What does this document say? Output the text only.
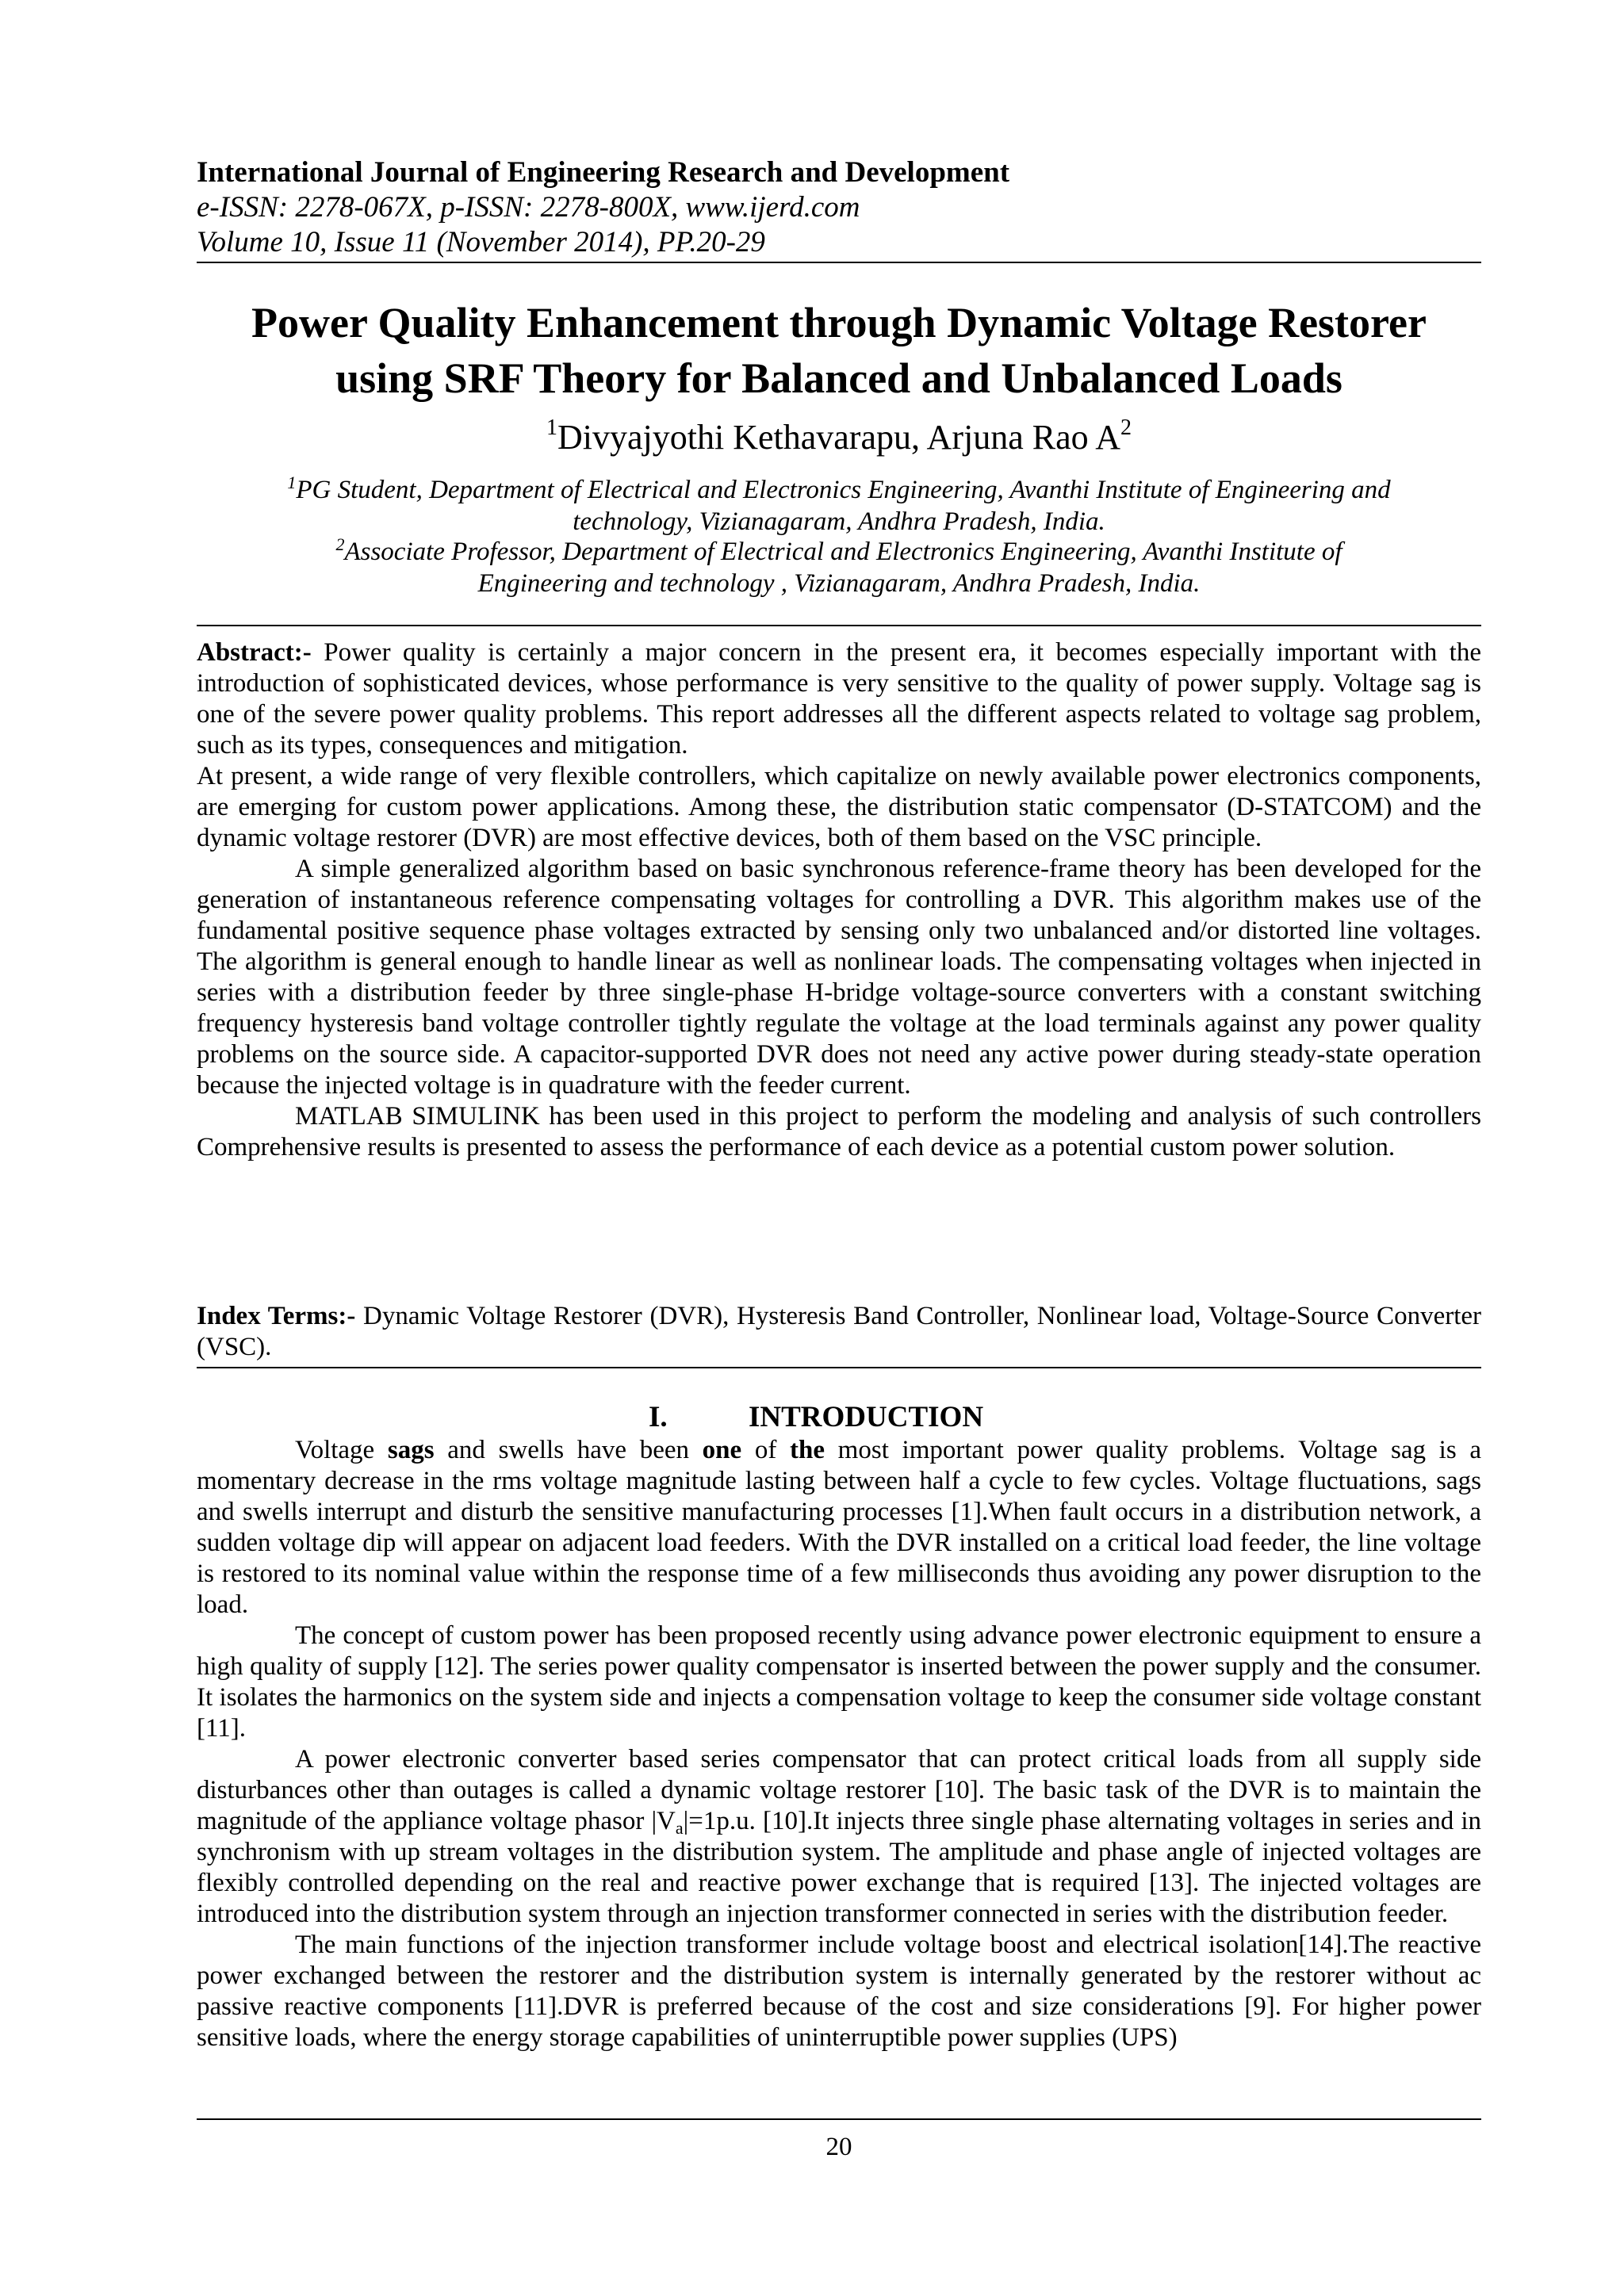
International Journal of Engineering Research and Development
e-ISSN: 2278-067X, p-ISSN: 2278-800X, www.ijerd.com
Volume 10, Issue 11 (November 2014), PP.20-29
Power Quality Enhancement through Dynamic Voltage Restorer
using SRF Theory for Balanced and Unbalanced Loads
$^1$Divyajyothi Kethavarapu, Arjuna Rao $A^2$
$^1$PG Student, Department of Electrical and Electronics Engineering, Avanthi Institute of Engineering and
technology, Vizianagaram, Andhra Pradesh, India.
$^2$Associate Professor, Department of Electrical and Electronics Engineering, Avanthi Institute of
Engineering and technology , Vizianagaram, Andhra Pradesh, India.

Abstract:- Power quality is certainly a major concern in the present era, it becomes especially important with the introduction of sophisticated devices, whose performance is very sensitive to the quality of power supply. Voltage sag is one of the severe power quality problems. This report addresses all the different aspects related to voltage sag problem, such as its types, consequences and mitigation.

At present, a wide range of very flexible controllers, which capitalize on newly available power electronics components, are emerging for custom power applications. Among these, the distribution static compensator (D-STATCOM) and the dynamic voltage restorer (DVR) are most effective devices, both of them based on the VSC principle.

A simple generalized algorithm based on basic synchronous reference-frame theory has been developed for the generation of instantaneous reference compensating voltages for controlling a DVR. This algorithm makes use of the fundamental positive sequence phase voltages extracted by sensing only two unbalanced and/or distorted line voltages. The algorithm is general enough to handle linear as well as nonlinear loads. The compensating voltages when injected in series with a distribution feeder by three single-phase H-bridge voltage-source converters with a constant switching frequency hysteresis band voltage controller tightly regulate the voltage at the load terminals against any power quality problems on the source side. A capacitor-supported DVR does not need any active power during steady-state operation because the injected voltage is in quadrature with the feeder current.

MATLAB SIMULINK has been used in this project to perform the modeling and analysis of such controllers Comprehensive results is presented to assess the performance of each device as a potential custom power solution.

Index Terms:- Dynamic Voltage Restorer (DVR), Hysteresis Band Controller, Nonlinear load, Voltage-Source Converter (VSC).
I.	INTRODUCTION

Voltage sags and swells have been one of the most important power quality problems. Voltage sag is a momentary decrease in the rms voltage magnitude lasting between half a cycle to few cycles. Voltage fluctuations, sags and swells interrupt and disturb the sensitive manufacturing processes [1].When fault occurs in a distribution network, a sudden voltage dip will appear on adjacent load feeders. With the DVR installed on a critical load feeder, the line voltage is restored to its nominal value within the response time of a few milliseconds thus avoiding any power disruption to the load.

The concept of custom power has been proposed recently using advance power electronic equipment to ensure a high quality of supply [12]. The series power quality compensator is inserted between the power supply and the consumer. It isolates the harmonics on the system side and injects a compensation voltage to keep the consumer side voltage constant [11].

A power electronic converter based series compensator that can protect critical loads from all supply side disturbances other than outages is called a dynamic voltage restorer [10]. The basic task of the DVR is to maintain the magnitude of the appliance voltage phasor $|V_a|=1p.u$. [10].It injects three single phase alternating voltages in series and in synchronism with up stream voltages in the distribution system. The amplitude and phase angle of injected voltages are flexibly controlled depending on the real and reactive power exchange that is required [13]. The injected voltages are introduced into the distribution system through an injection transformer connected in series with the distribution feeder.

The main functions of the injection transformer include voltage boost and electrical isolation[14].The reactive power exchanged between the restorer and the distribution system is internally generated by the restorer without ac passive reactive components [11].DVR is preferred because of the cost and size considerations [9]. For higher power sensitive loads, where the energy storage capabilities of uninterruptible power supplies (UPS)

20
